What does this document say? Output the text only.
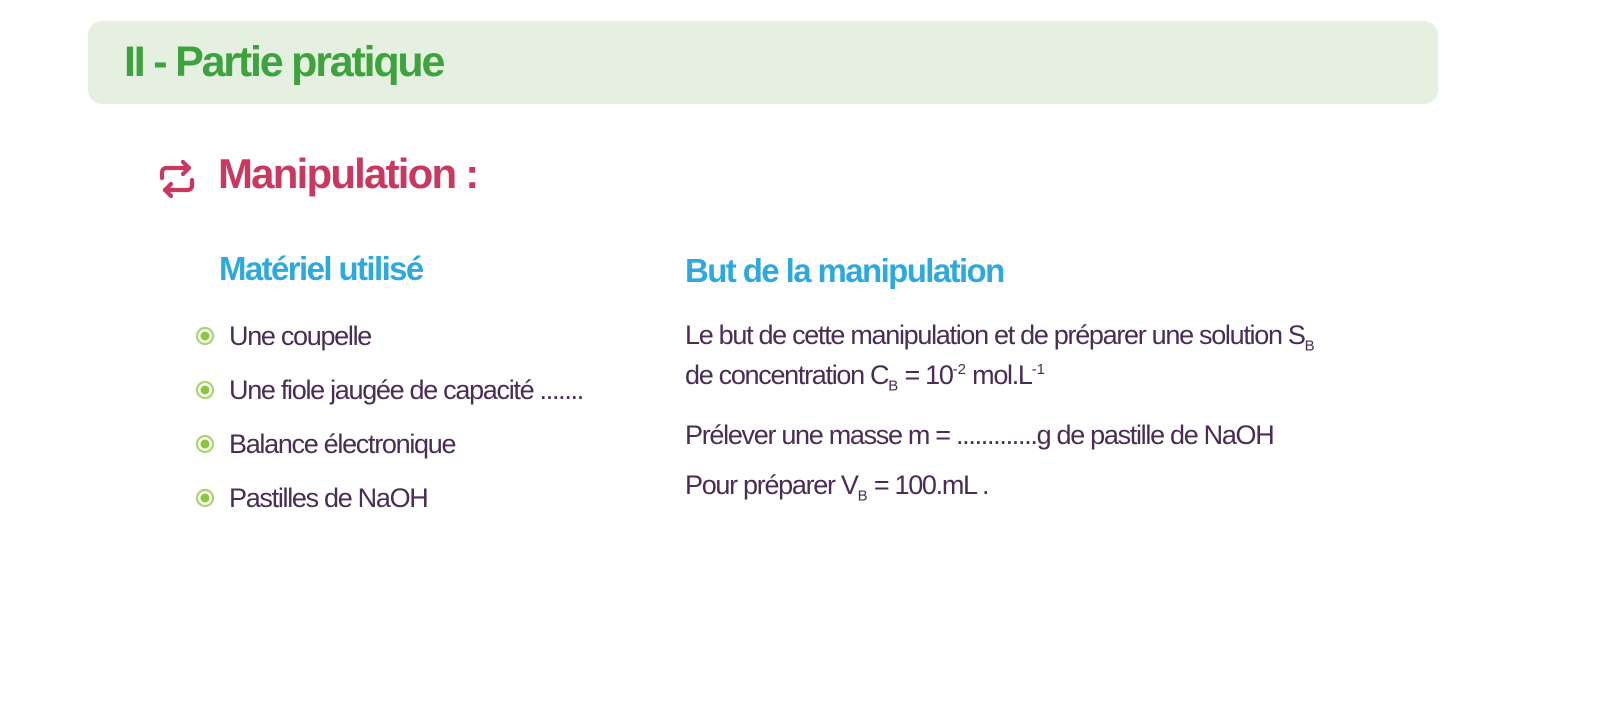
II - Partie pratique
Manipulation :
Matériel utilisé	But de la manipulation
Une coupelle
Une fiole jaugée de capacité .......
Balance électronique
Pastilles de NaOH

Le but de cette manipulation et de préparer une solution $S_B$
de concentration $C_B = 10^{-2}$ $mol.L^{-1}$

Prélever une masse m = .............g de pastille de NaOH

Pour préparer $V_B = 100.mL$ .
